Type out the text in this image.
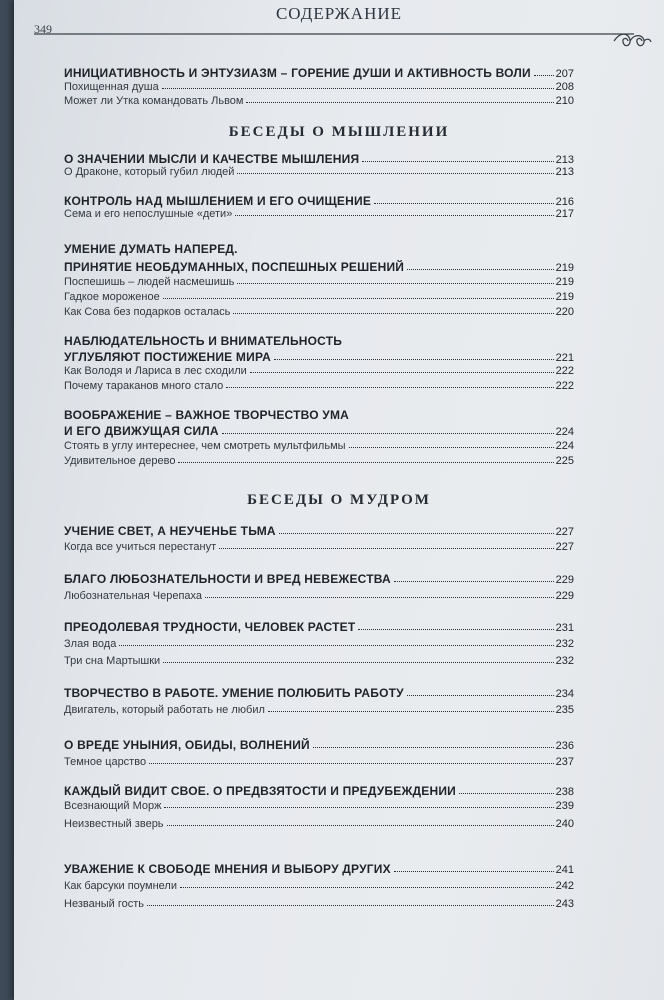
СОДЕРЖАНИЕ
349
ИНИЦИАТИВНОСТЬ И ЭНТУЗИАЗМ – ГОРЕНИЕ ДУШИ И АКТИВНОСТЬ ВОЛИ 207
Похищенная душа	208
Может ли Утка командовать Львом	210
БЕСЕДЫ О МЫШЛЕНИИ
О ЗНАЧЕНИИ МЫСЛИ И КАЧЕСТВЕ МЫШЛЕНИЯ	213
О Драконе, который губил людей	213
КОНТРОЛЬ НАД МЫШЛЕНИЕМ И ЕГО ОЧИЩЕНИЕ	216
Сема и его непослушные «дети»	217
УМЕНИЕ ДУМАТЬ НАПЕРЕД.
ПРИНЯТИЕ НЕОБДУМАННЫХ, ПОСПЕШНЫХ РЕШЕНИЙ	219
Поспешишь – людей насмешишь	219
Гадкое мороженое	219
Как Сова без подарков осталась	220
НАБЛЮДАТЕЛЬНОСТЬ И ВНИМАТЕЛЬНОСТЬ
УГЛУБЛЯЮТ ПОСТИЖЕНИЕ МИРА	221
Как Володя и Лариса в лес сходили	222
Почему тараканов много стало	222
ВООБРАЖЕНИЕ – ВАЖНОЕ ТВОРЧЕСТВО УМА
И ЕГО ДВИЖУЩАЯ СИЛА	224
Стоять в углу интереснее, чем смотреть мультфильмы	224
Удивительное дерево	225
БЕСЕДЫ О МУДРОМ
УЧЕНИЕ СВЕТ, А НЕУЧЕНЬЕ ТЬМА	227
Когда все учиться перестанут	227
БЛАГО ЛЮБОЗНАТЕЛЬНОСТИ И ВРЕД НЕВЕЖЕСТВА	229
Любознательная Черепаха	229
ПРЕОДОЛЕВАЯ ТРУДНОСТИ, ЧЕЛОВЕК РАСТЕТ	231
Злая вода	232
Три сна Мартышки	232
ТВОРЧЕСТВО В РАБОТЕ. УМЕНИЕ ПОЛЮБИТЬ РАБОТУ	234
Двигатель, который работать не любил	235
О ВРЕДЕ УНЫНИЯ, ОБИДЫ, ВОЛНЕНИЙ	236
Темное царство	237
КАЖДЫЙ ВИДИТ СВОЕ. О ПРЕДВЗЯТОСТИ И ПРЕДУБЕЖДЕНИИ	238
Всезнающий Морж	239
Неизвестный зверь	240
УВАЖЕНИЕ К СВОБОДЕ МНЕНИЯ И ВЫБОРУ ДРУГИХ	241
Как барсуки поумнели	242
Незваный гость	243
